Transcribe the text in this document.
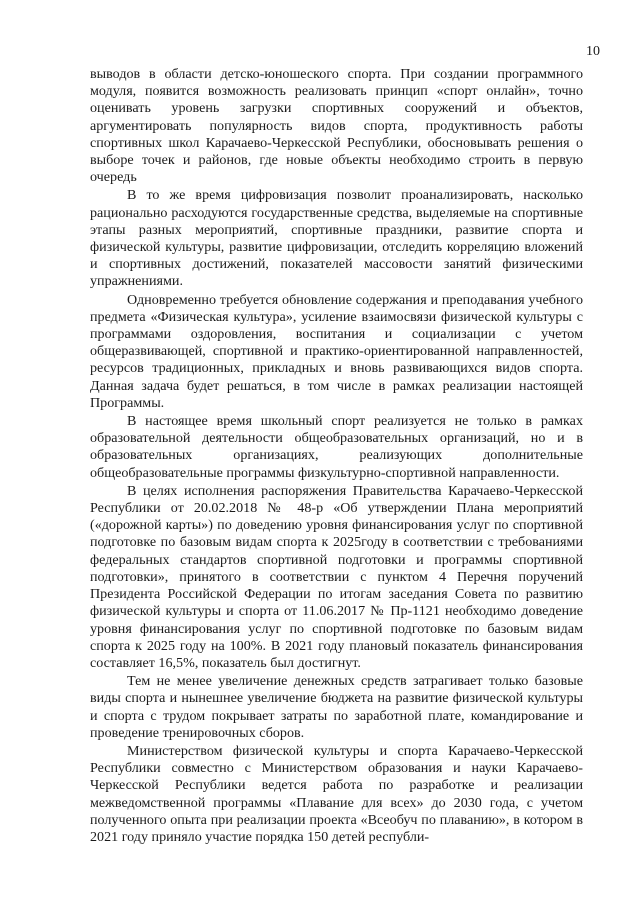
10

выводов в области детско-юношеского спорта. При создании программного модуля, появится возможность реализовать принцип «спорт онлайн», точно оценивать уровень загрузки спортивных сооружений и объектов, аргументировать популярность видов спорта, продуктивность работы спортивных школ Карачаево-Черкесской Республики, обосновывать решения о выборе точек и районов, где новые объекты необходимо строить в первую очередь

В то же время цифровизация позволит проанализировать, насколько рационально расходуются государственные средства, выделяемые на спортивные этапы разных мероприятий, спортивные праздники, развитие спорта и физической культуры, развитие цифровизации, отследить корреляцию вложений и спортивных достижений, показателей массовости занятий физическими упражнениями.

Одновременно требуется обновление содержания и преподавания учебного предмета «Физическая культура», усиление взаимосвязи физической культуры с программами оздоровления, воспитания и социализации с учетом общеразвивающей, спортивной и практико-ориентированной направленностей, ресурсов традиционных, прикладных и вновь развивающихся видов спорта. Данная задача будет решаться, в том числе в рамках реализации настоящей Программы.

В настоящее время школьный спорт реализуется не только в рамках образовательной деятельности общеобразовательных организаций, но и в образовательных организациях, реализующих дополнительные общеобразовательные программы физкультурно-спортивной направленности.

В целях исполнения распоряжения Правительства Карачаево-Черкесской Республики от 20.02.2018 № 48-р «Об утверждении Плана мероприятий («дорожной карты») по доведению уровня финансирования услуг по спортивной подготовке по базовым видам спорта к 2025году в соответствии с требованиями федеральных стандартов спортивной подготовки и программы спортивной подготовки», принятого в соответствии с пунктом 4 Перечня поручений Президента Российской Федерации по итогам заседания Совета по развитию физической культуры и спорта от 11.06.2017 № Пр-1121 необходимо доведение уровня финансирования услуг по спортивной подготовке по базовым видам спорта к 2025 году на 100%. В 2021 году плановый показатель финансирования составляет 16,5%, показатель был достигнут.

Тем не менее увеличение денежных средств затрагивает только базовые виды спорта и нынешнее увеличение бюджета на развитие физической культуры и спорта с трудом покрывает затраты по заработной плате, командирование и проведение тренировочных сборов.

Министерством физической культуры и спорта Карачаево-Черкесской Республики совместно с Министерством образования и науки Карачаево-Черкесской Республики ведется работа по разработке и реализации межведомственной программы «Плавание для всех» до 2030 года, с учетом полученного опыта при реализации проекта «Всеобуч по плаванию», в котором в 2021 году приняло участие порядка 150 детей республи-
